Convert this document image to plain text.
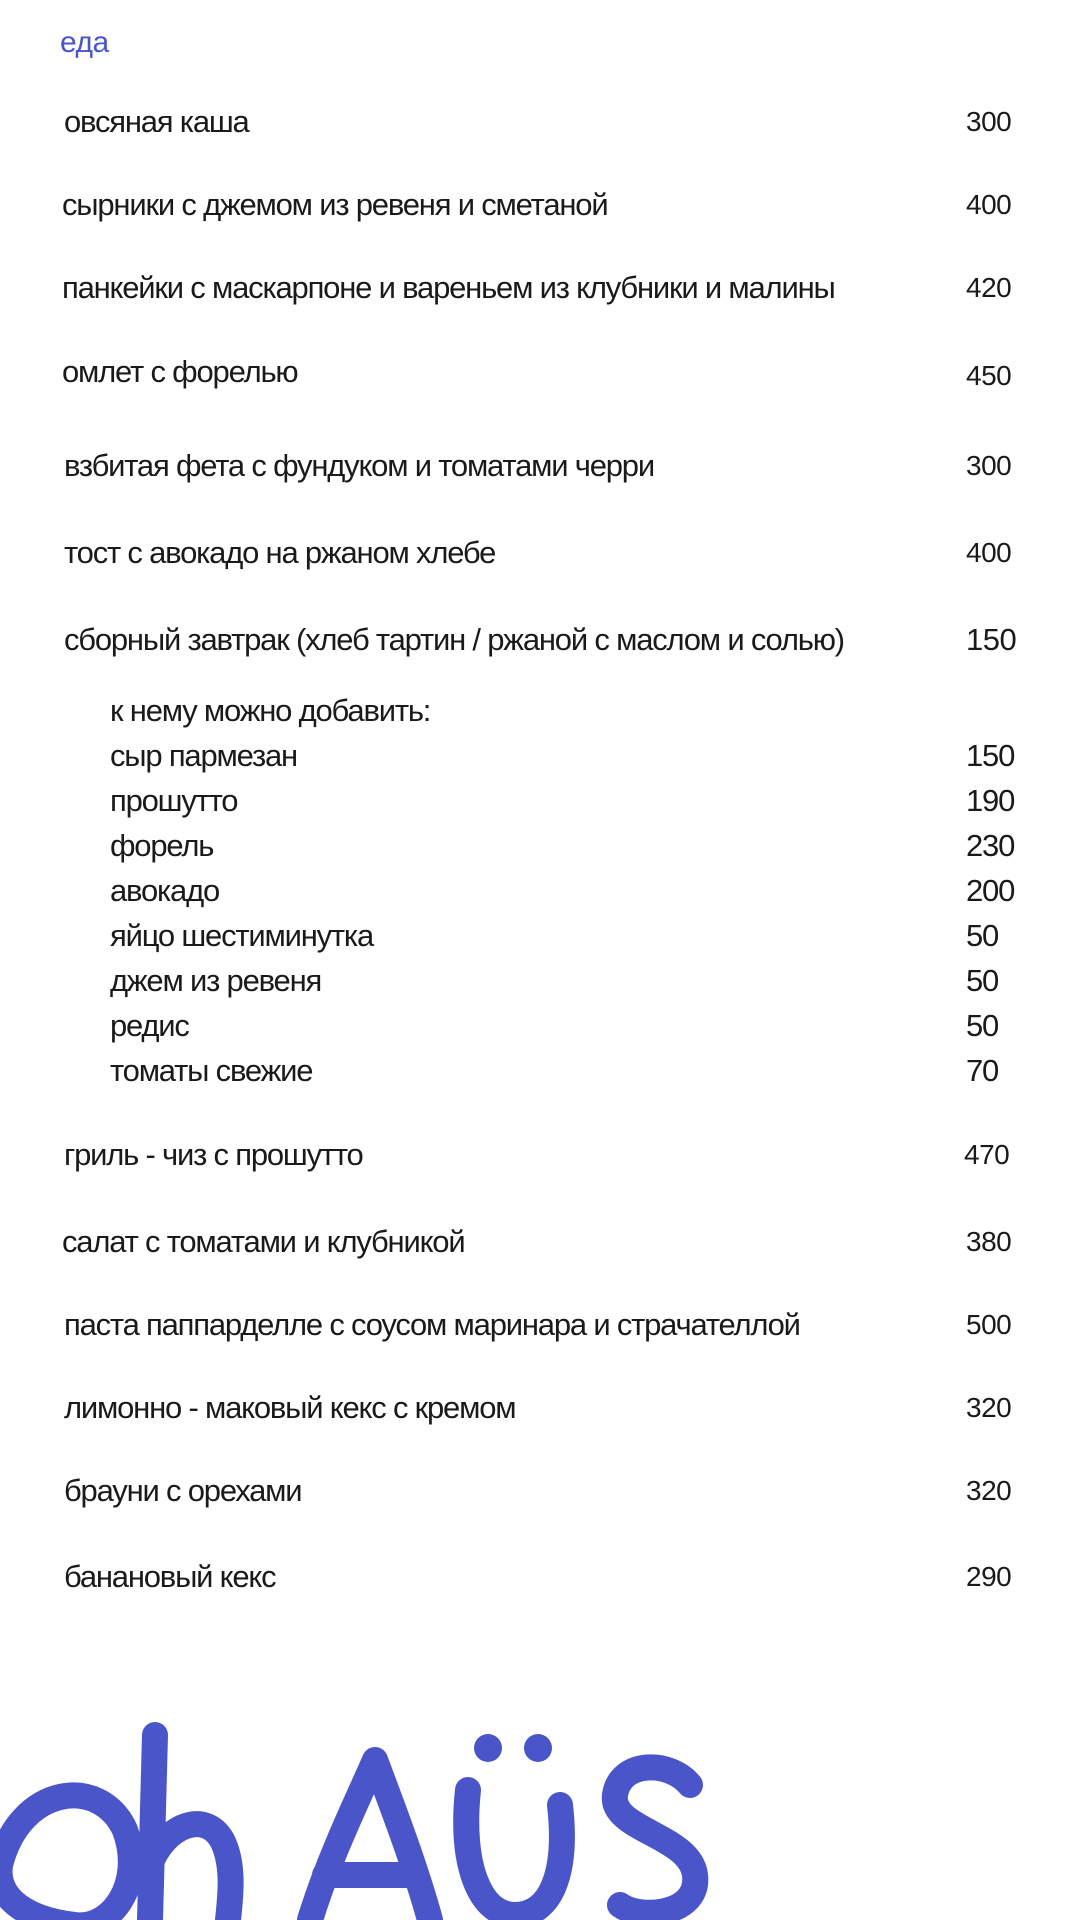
еда
овсяная каша	300
сырники с джемом из ревеня и сметаной	400
панкейки с маскарпоне и вареньем из клубники и малины	420
омлет с форелью	450
взбитая фета с фундуком и томатами черри	300
тост с авокадо на ржаном хлебе	400
сборный завтрак (хлеб тартин / ржаной с маслом и солью)	150
к нему можно добавить:
сыр пармезан	150
прошутто	190
форель	230
авокадо	200
яйцо шестиминутка	50
джем из ревеня	50
редис	50
томаты свежие	70
гриль - чиз с прошутто	470
салат с томатами и клубникой	380
паста паппарделле с соусом маринара и страчателлой	500
лимонно - маковый кекс с кремом	320
брауни с орехами	320
банановый кекс	290
